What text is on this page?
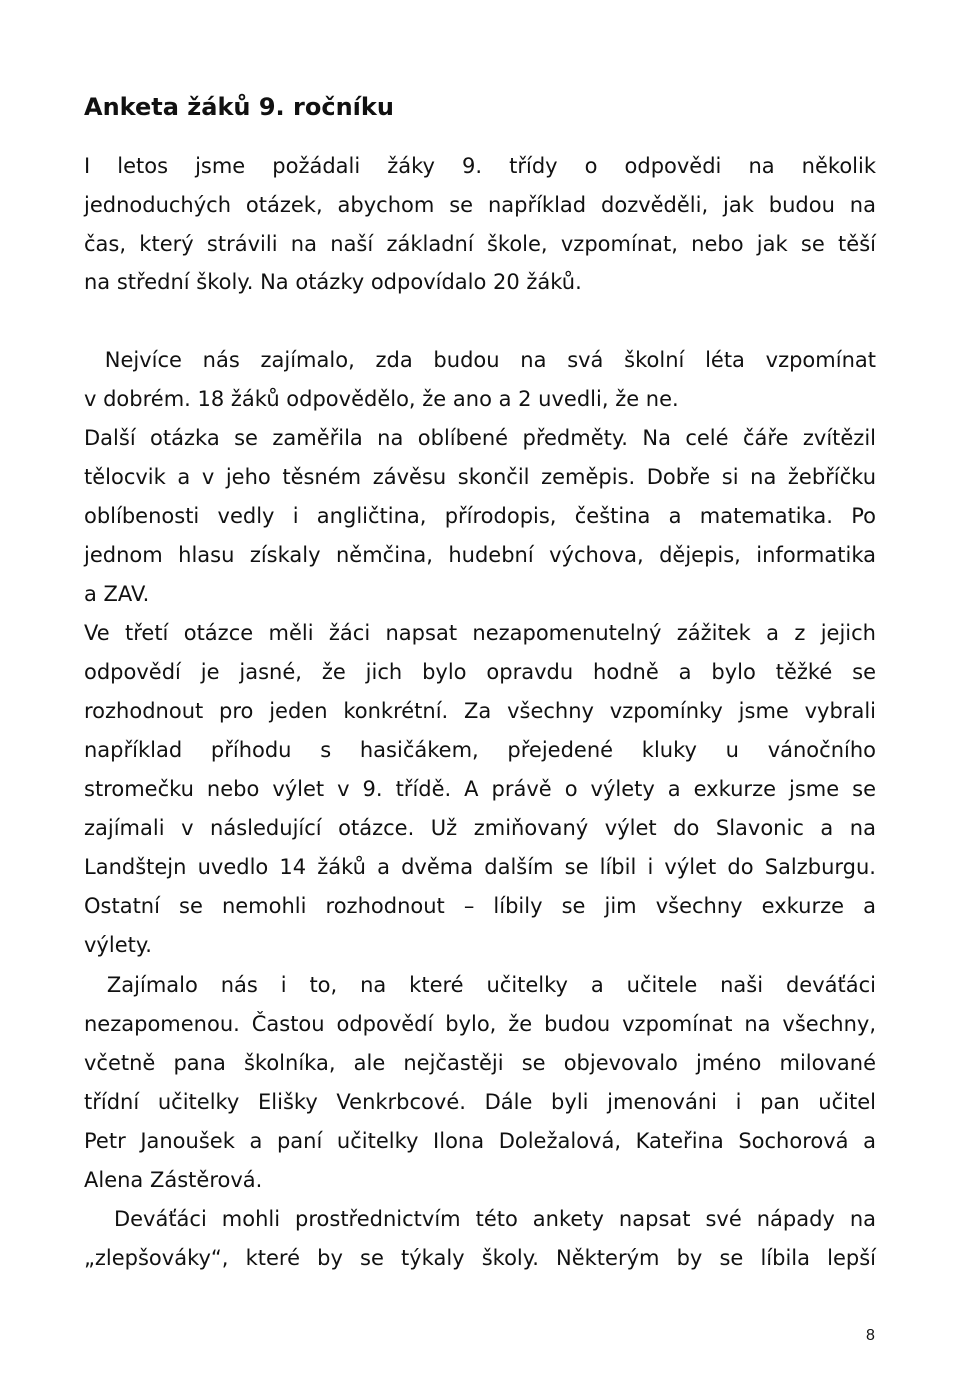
Anketa žáků 9. ročníku
I letos jsme požádali žáky 9. třídy o odpovědi na několik
jednoduchých otázek, abychom se například dozvěděli, jak budou na
čas, který strávili na naší základní škole, vzpomínat, nebo jak se těší
na střední školy. Na otázky odpovídalo 20 žáků.
Nejvíce nás zajímalo, zda budou na svá školní léta vzpomínat
v dobrém. 18 žáků odpovědělo, že ano a 2 uvedli, že ne.
Další otázka se zaměřila na oblíbené předměty. Na celé čáře zvítězil
tělocvik a v jeho těsném závěsu skončil zeměpis. Dobře si na žebříčku
oblíbenosti vedly i angličtina, přírodopis, čeština a matematika. Po
jednom hlasu získaly němčina, hudební výchova, dějepis, informatika
a ZAV.
Ve třetí otázce měli žáci napsat nezapomenutelný zážitek a z jejich
odpovědí je jasné, že jich bylo opravdu hodně a bylo těžké se
rozhodnout pro jeden konkrétní. Za všechny vzpomínky jsme vybrali
například příhodu s hasičákem, přejedené kluky u vánočního
stromečku nebo výlet v 9. třídě. A právě o výlety a exkurze jsme se
zajímali v následující otázce. Už zmiňovaný výlet do Slavonic a na
Landštejn uvedlo 14 žáků a dvěma dalším se líbil i výlet do Salzburgu.
Ostatní se nemohli rozhodnout – líbily se jim všechny exkurze a
výlety.
Zajímalo nás i to, na které učitelky a učitele naši deváťáci
nezapomenou. Častou odpovědí bylo, že budou vzpomínat na všechny,
včetně pana školníka, ale nejčastěji se objevovalo jméno milované
třídní učitelky Elišky Venkrbcové. Dále byli jmenováni i pan učitel
Petr Janoušek a paní učitelky Ilona Doležalová, Kateřina Sochorová a
Alena Zástěrová.
Deváťáci mohli prostřednictvím této ankety napsat své nápady na
„zlepšováky“, které by se týkaly školy. Některým by se líbila lepší
8
